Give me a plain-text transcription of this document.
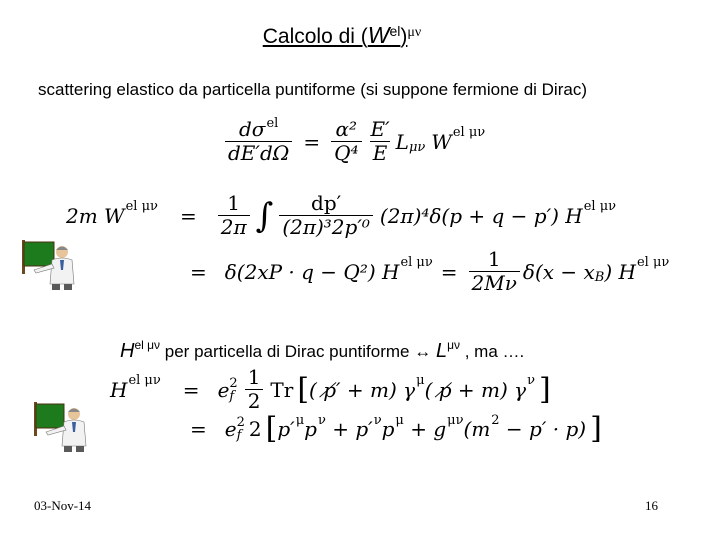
Calcolo di $(W^{el})^{\mu\nu}$
scattering elastico da particella puntiforme (si suppone fermione di Dirac)
$\frac{d\sigma^{el}}{dE'd\Omega} = \frac{\text{α²}}{\text{Q⁴}} \frac{E'}{E}$ L μν W el μν
2m W el $\mu\nu = \frac{1}{2\pi}$ ∫ $\frac{dp'}{\text{(2π)³2p′⁰}} (2\pi)^4\delta(p + q - p')$ H el μν
= δ(2xP · q − Q²) H el $\mu\nu = \frac{1}{2M\nu} \delta(x - x$ B ) H el μν
$H^{el \mu\nu}$ per particella di Dirac puntiforme ↔ $L^{\mu\nu}$ , ma ….
H el μν = e 2
f $\frac{1}{2}$ Tr [ ( p̸′ + m) γ μ ( p̸ + m) γ ν ]
= e 2
f 2 [ p′ μ p ν + p′ ν p μ + g μν (m 2 − p′ · p) ]
03-Nov-14	16
